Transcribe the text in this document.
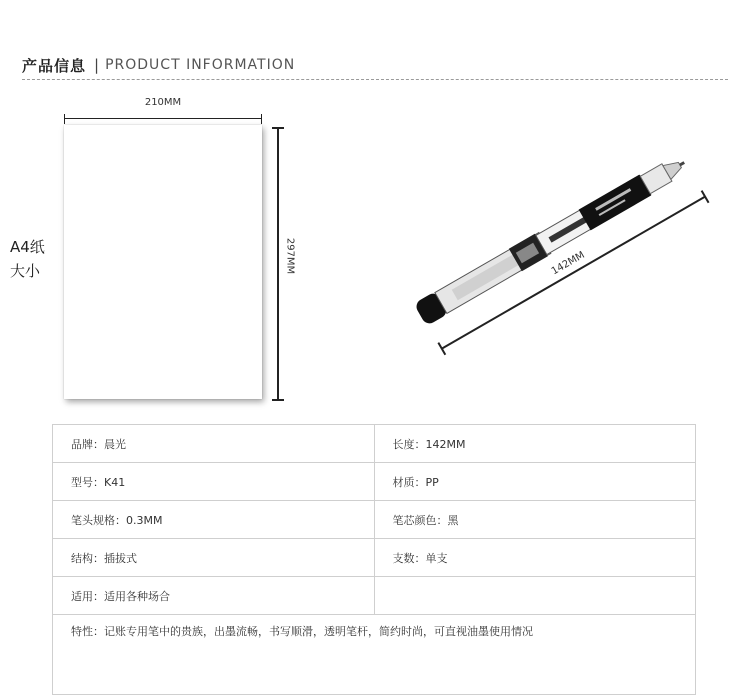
产品信息 | PRODUCT INFORMATION
A4纸
大小
210MM
297MM	142MM
品牌：晨光	长度：142MM
型号：K41	材质：PP
笔头规格：0.3MM	笔芯颜色：黑
结构：插拔式	支数：单支
适用：适用各种场合	
特性：记账专用笔中的贵族，出墨流畅，书写顺滑，透明笔杆，简约时尚，可直视油墨使用情况	
